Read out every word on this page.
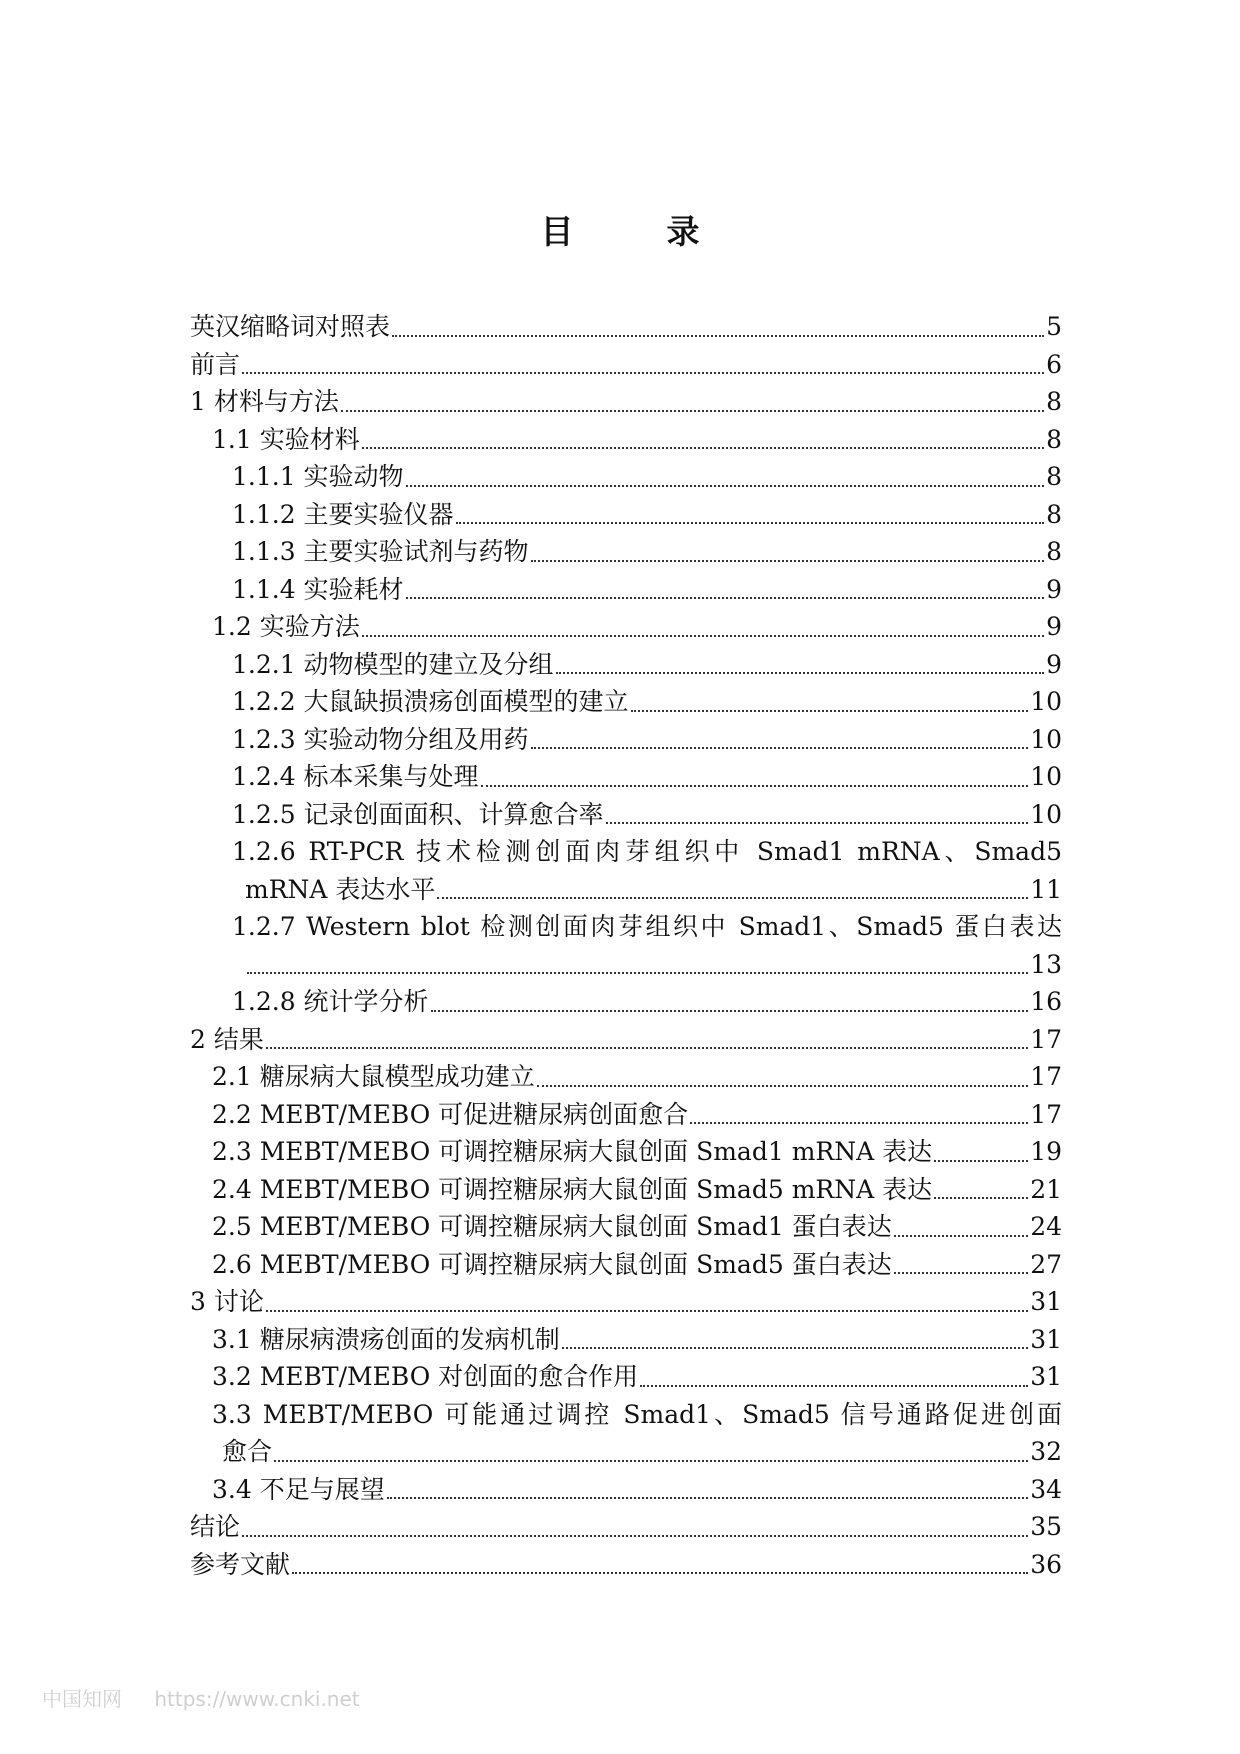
目　录
英汉缩略词对照表	5
前言	6
1 材料与方法	8
1.1 实验材料	8
1.1.1 实验动物	8
1.1.2 主要实验仪器	8
1.1.3 主要实验试剂与药物	8
1.1.4 实验耗材	9
1.2 实验方法	9
1.2.1 动物模型的建立及分组	9
1.2.2 大鼠缺损溃疡创面模型的建立	10
1.2.3 实验动物分组及用药	10
1.2.4 标本采集与处理	10
1.2.5 记录创面面积、计算愈合率	10
1.2.6 RT-PCR 技术检测创面肉芽组织中 Smad1 mRNA、Smad5
mRNA 表达水平	11
1.2.7 Western blot 检测创面肉芽组织中 Smad1、Smad5 蛋白表达
13
1.2.8 统计学分析	16
2 结果	17
2.1 糖尿病大鼠模型成功建立	17
2.2 MEBT/MEBO 可促进糖尿病创面愈合	17
2.3 MEBT/MEBO 可调控糖尿病大鼠创面 Smad1 mRNA 表达	19
2.4 MEBT/MEBO 可调控糖尿病大鼠创面 Smad5 mRNA 表达	21
2.5 MEBT/MEBO 可调控糖尿病大鼠创面 Smad1 蛋白表达	24
2.6 MEBT/MEBO 可调控糖尿病大鼠创面 Smad5 蛋白表达	27
3 讨论	31
3.1 糖尿病溃疡创面的发病机制	31
3.2 MEBT/MEBO 对创面的愈合作用	31
3.3 MEBT/MEBO 可能通过调控 Smad1、Smad5 信号通路促进创面
愈合	32
3.4 不足与展望	34
结论	35
参考文献	36
中国知网 https://www.cnki.net
